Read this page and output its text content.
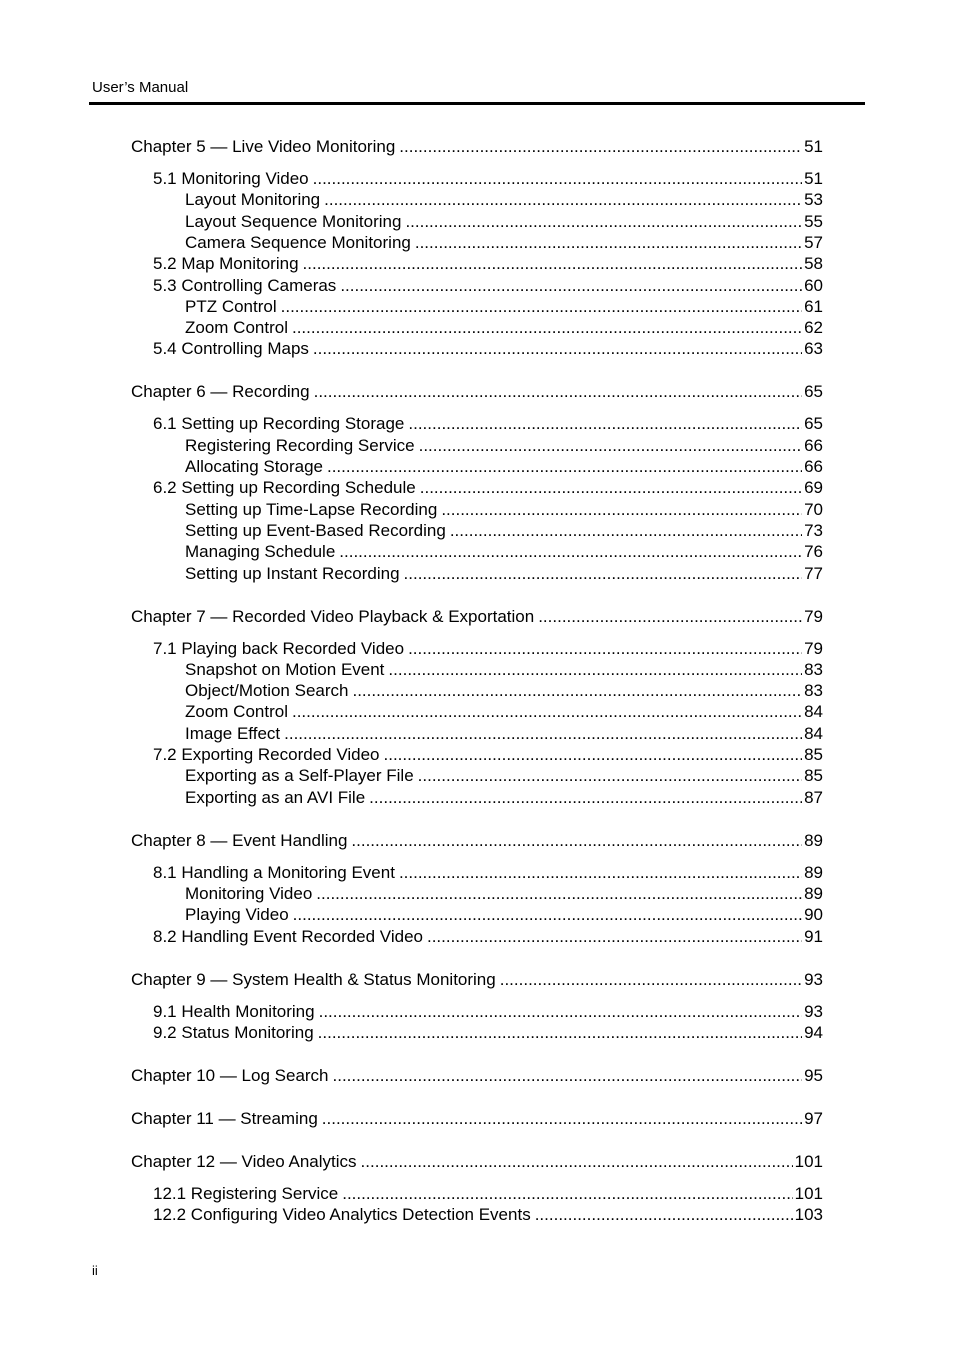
User’s Manual
Chapter 5 — Live Video Monitoring .....	51
5.1 Monitoring Video .....	51
Layout Monitoring .....	53
Layout Sequence Monitoring .....	55
Camera Sequence Monitoring .....	57
5.2 Map Monitoring .....	58
5.3 Controlling Cameras .....	60
PTZ Control .....	61
Zoom Control .....	62
5.4 Controlling Maps .....	63
Chapter 6 — Recording .....	65
6.1 Setting up Recording Storage .....	65
Registering Recording Service .....	66
Allocating Storage .....	66
6.2 Setting up Recording Schedule .....	69
Setting up Time-Lapse Recording .....	70
Setting up Event-Based Recording .....	73
Managing Schedule .....	76
Setting up Instant Recording .....	77
Chapter 7 — Recorded Video Playback & Exportation .....	79
7.1 Playing back Recorded Video .....	79
Snapshot on Motion Event .....	83
Object/Motion Search .....	83
Zoom Control .....	84
Image Effect .....	84
7.2 Exporting Recorded Video .....	85
Exporting as a Self-Player File .....	85
Exporting as an AVI File .....	87
Chapter 8 — Event Handling .....	89
8.1 Handling a Monitoring Event .....	89
Monitoring Video .....	89
Playing Video .....	90
8.2 Handling Event Recorded Video .....	91
Chapter 9 — System Health & Status Monitoring .....	93
9.1 Health Monitoring .....	93
9.2 Status Monitoring .....	94
Chapter 10 — Log Search .....	95
Chapter 11 — Streaming .....	97
Chapter 12 — Video Analytics .....	101
12.1 Registering Service .....	101
12.2 Configuring Video Analytics Detection Events .....	103
ii
